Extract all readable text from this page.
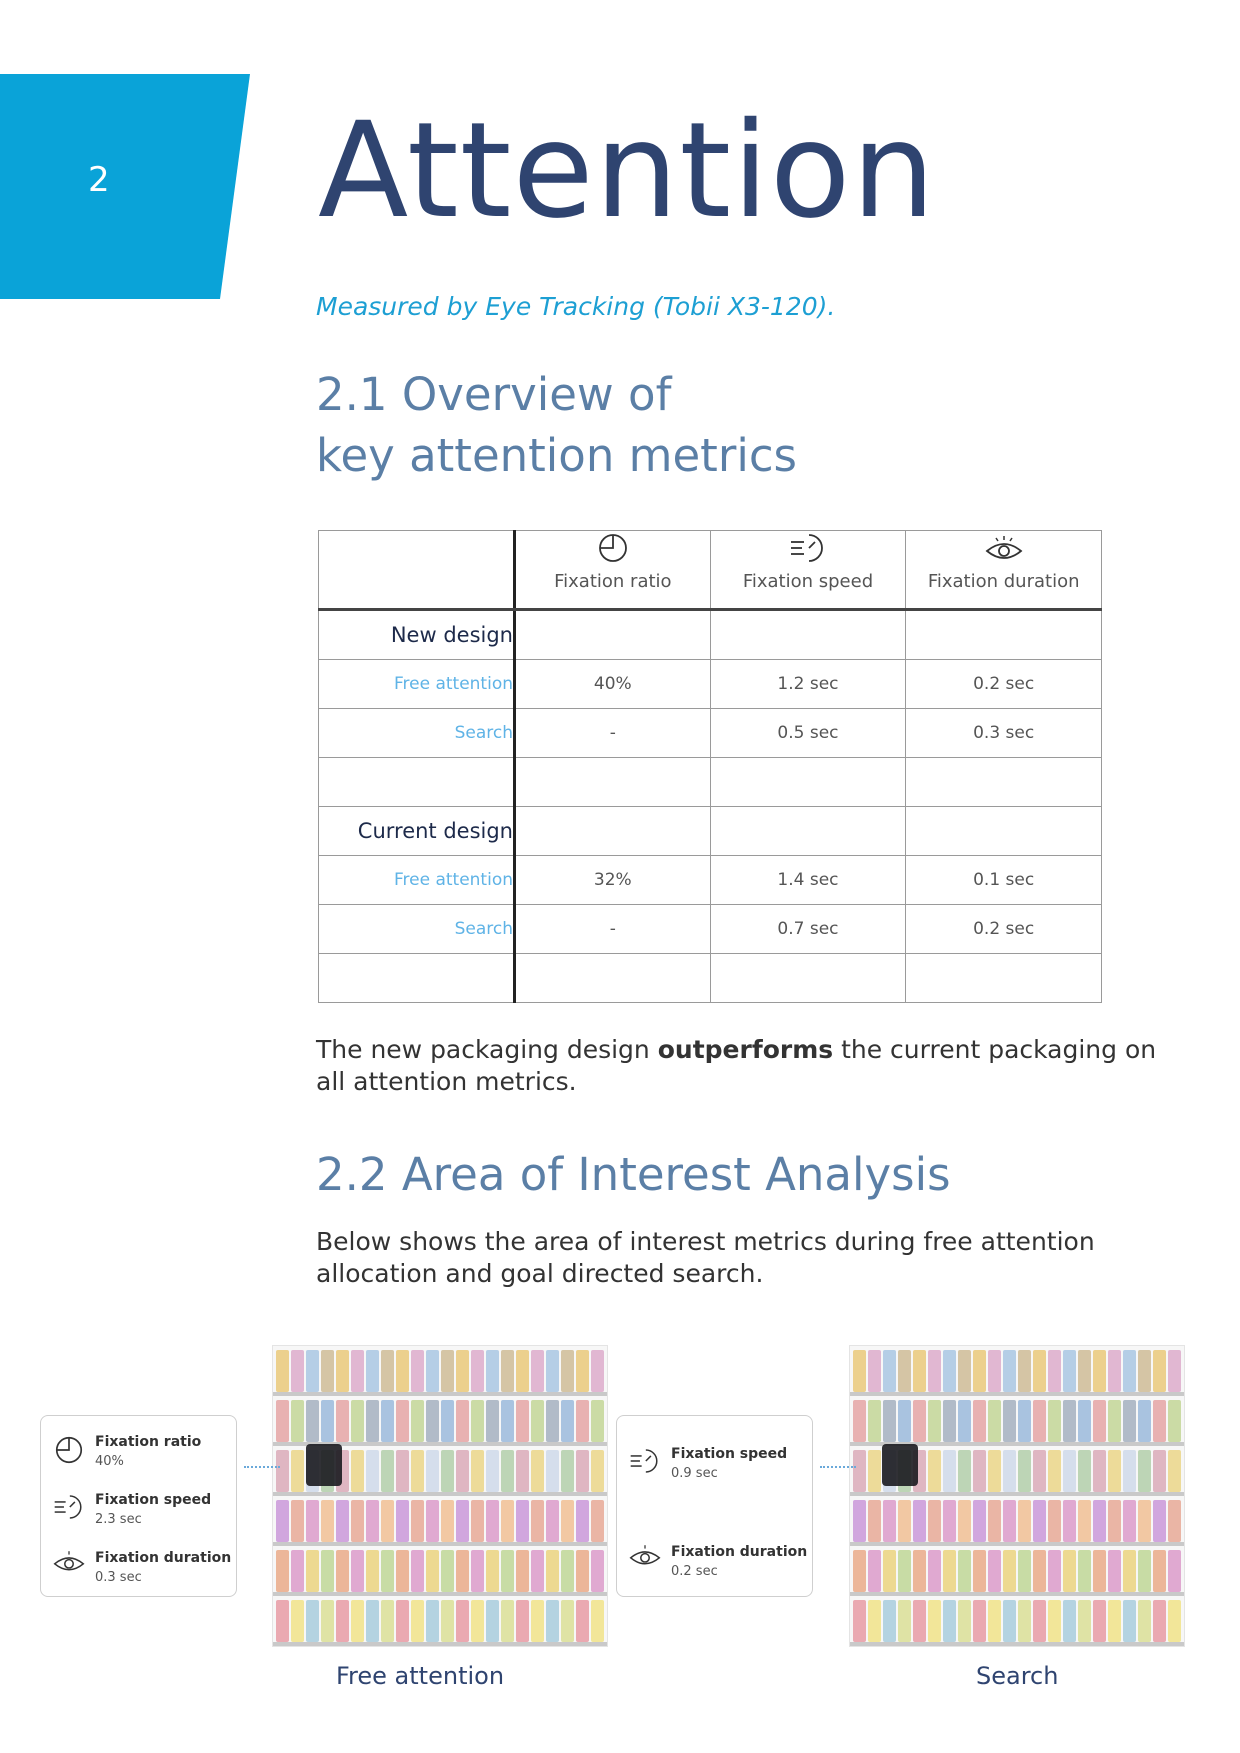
2 Attention
Measured by Eye Tracking (Tobii X3-120).
2.1 Overview of
key attention metrics

	Fixation ratio	Fixation speed	Fixation duration

New design			
Free attention	40%	1.2 sec	0.2 sec
Search	-	0.5 sec	0.3 sec

Current design			
Free attention	32%	1.4 sec	0.1 sec
Search	-	0.7 sec	0.2 sec

The new packaging design outperforms the current packaging on all attention metrics.
2.2 Area of Interest Analysis
Below shows the area of interest metrics during free attention allocation and goal directed search.
Fixation ratio
40%
Fixation speed
2.3 sec
Fixation duration
0.3 sec
Fixation speed
0.9 sec
Fixation duration
0.2 sec
Free attention	Search
